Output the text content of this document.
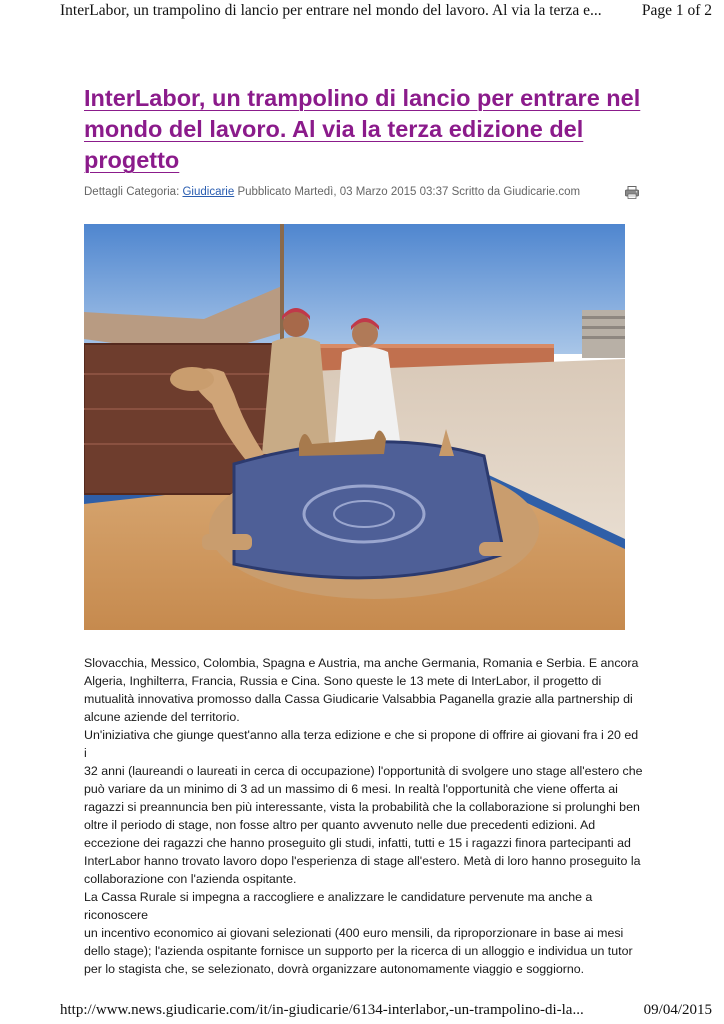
InterLabor, un trampolino di lancio per entrare nel mondo del lavoro. Al via la terza e...	Page 1 of 2
InterLabor, un trampolino di lancio per entrare nel mondo del lavoro. Al via la terza edizione del progetto
Dettagli Categoria: Giudicarie Pubblicato Martedì, 03 Marzo 2015 03:37 Scritto da Giudicarie.com

Slovacchia, Messico, Colombia, Spagna e Austria, ma anche Germania, Romania e Serbia. E ancora
Algeria, Inghilterra, Francia, Russia e Cina. Sono queste le 13 mete di InterLabor, il progetto di
mutualità innovativa promosso dalla Cassa Giudicarie Valsabbia Paganella grazie alla partnership di
alcune aziende del territorio.

Un'iniziativa che giunge quest'anno alla terza edizione e che si propone di offrire ai giovani fra i 20 ed i
32 anni (laureandi o laureati in cerca di occupazione) l'opportunità di svolgere uno stage all'estero che
può variare da un minimo di 3 ad un massimo di 6 mesi. In realtà l'opportunità che viene offerta ai
ragazzi si preannuncia ben più interessante, vista la probabilità che la collaborazione si prolunghi ben
oltre il periodo di stage, non fosse altro per quanto avvenuto nelle due precedenti edizioni. Ad
eccezione dei ragazzi che hanno proseguito gli studi, infatti, tutti e 15 i ragazzi finora partecipanti ad
InterLabor hanno trovato lavoro dopo l'esperienza di stage all'estero. Metà di loro hanno proseguito la
collaborazione con l'azienda ospitante.

La Cassa Rurale si impegna a raccogliere e analizzare le candidature pervenute ma anche a riconoscere
un incentivo economico ai giovani selezionati (400 euro mensili, da riproporzionare in base ai mesi
dello stage); l'azienda ospitante fornisce un supporto per la ricerca di un alloggio e individua un tutor
per lo stagista che, se selezionato, dovrà organizzare autonomamente viaggio e soggiorno.

http://www.news.giudicarie.com/it/in-giudicarie/6134-interlabor,-un-trampolino-di-la...	09/04/2015
